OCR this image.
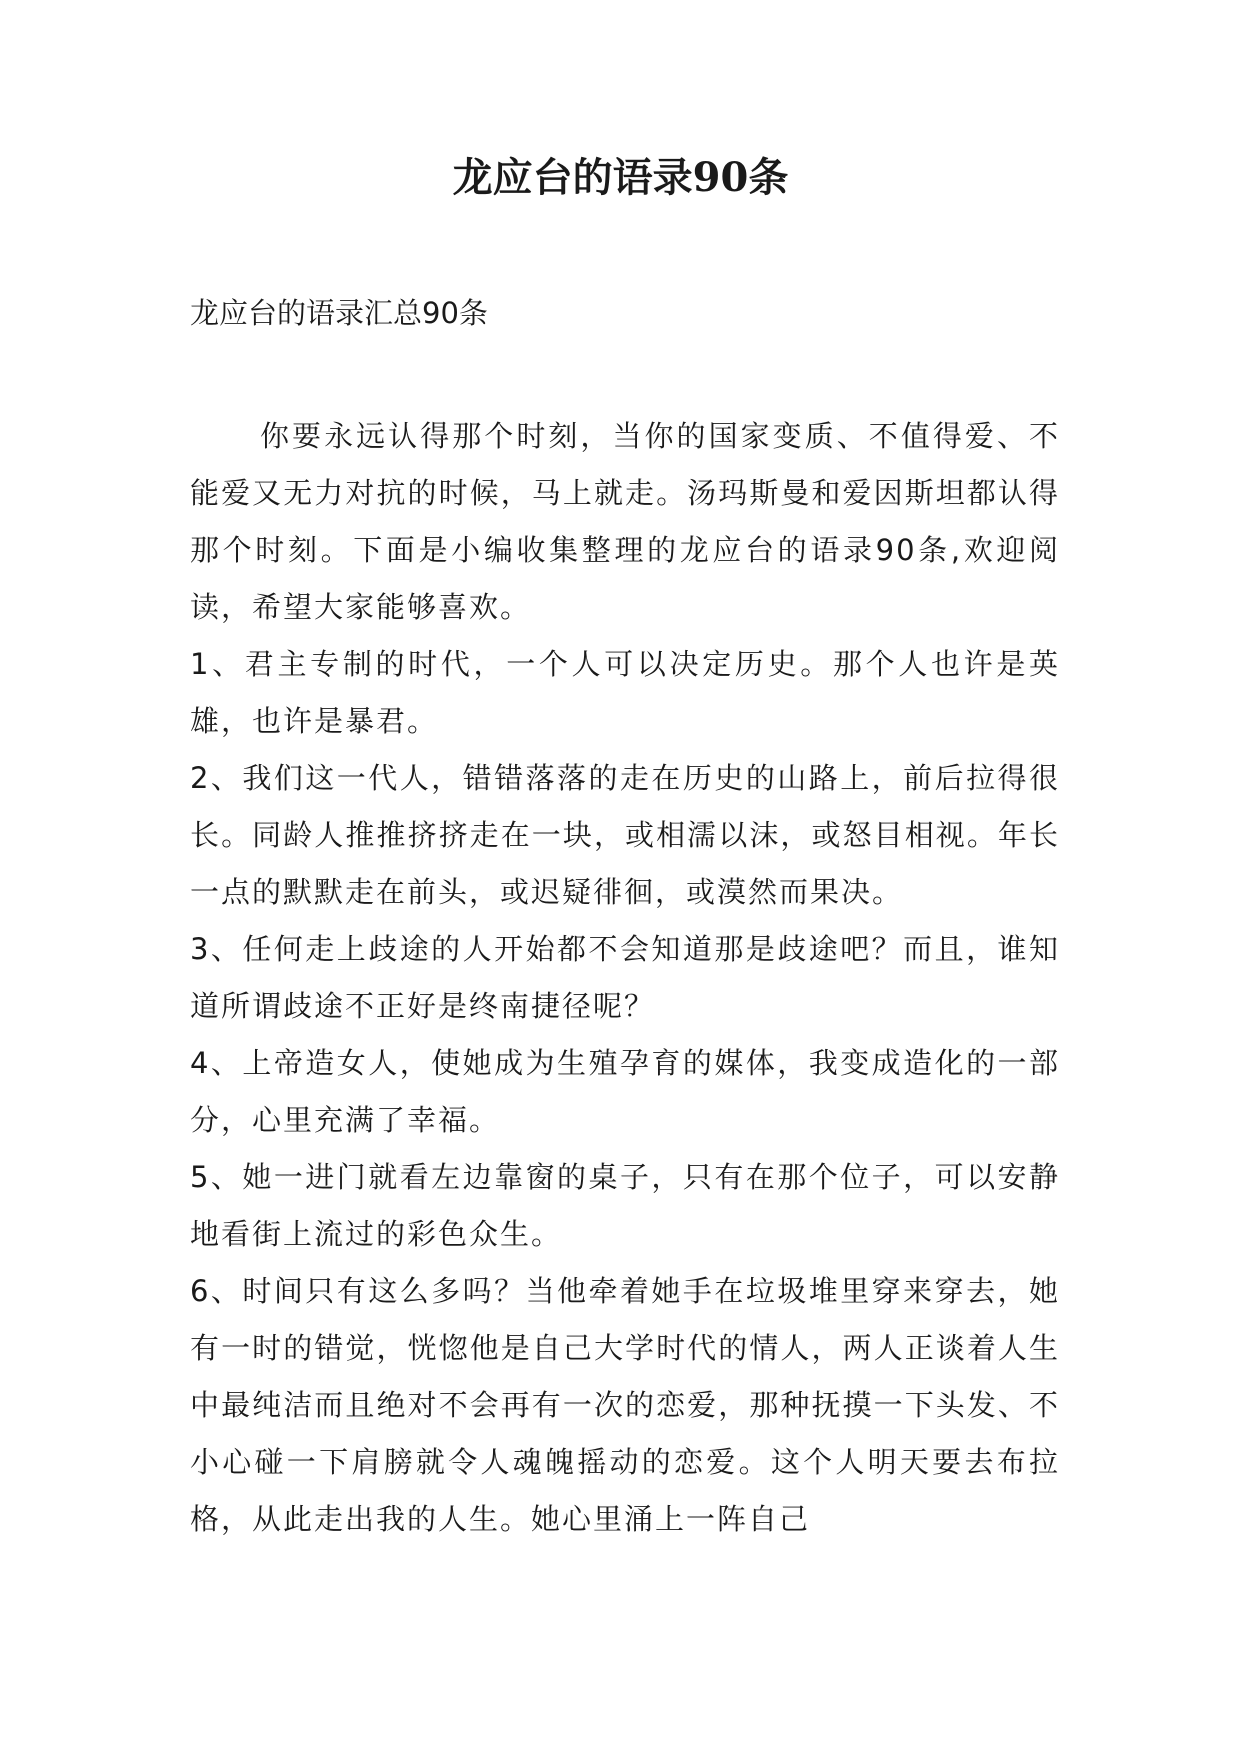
龙应台的语录90条
龙应台的语录汇总90条

你要永远认得那个时刻，当你的国家变质、不值得爱、不能爱又无力对抗的时候，马上就走。汤玛斯曼和爱因斯坦都认得那个时刻。下面是小编收集整理的龙应台的语录90条,欢迎阅读，希望大家能够喜欢。

1、君主专制的时代，一个人可以决定历史。那个人也许是英雄，也许是暴君。

2、我们这一代人，错错落落的走在历史的山路上，前后拉得很长。同龄人推推挤挤走在一块，或相濡以沫，或怒目相视。年长一点的默默走在前头，或迟疑徘徊，或漠然而果决。

3、任何走上歧途的人开始都不会知道那是歧途吧？而且，谁知道所谓歧途不正好是终南捷径呢？

4、上帝造女人，使她成为生殖孕育的媒体，我变成造化的一部分，心里充满了幸福。

5、她一进门就看左边靠窗的桌子，只有在那个位子，可以安静地看街上流过的彩色众生。

6、时间只有这么多吗？当他牵着她手在垃圾堆里穿来穿去，她有一时的错觉，恍惚他是自己大学时代的情人，两人正谈着人生中最纯洁而且绝对不会再有一次的恋爱，那种抚摸一下头发、不小心碰一下肩膀就令人魂魄摇动的恋爱。这个人明天要去布拉格，从此走出我的人生。她心里涌上一阵自己
